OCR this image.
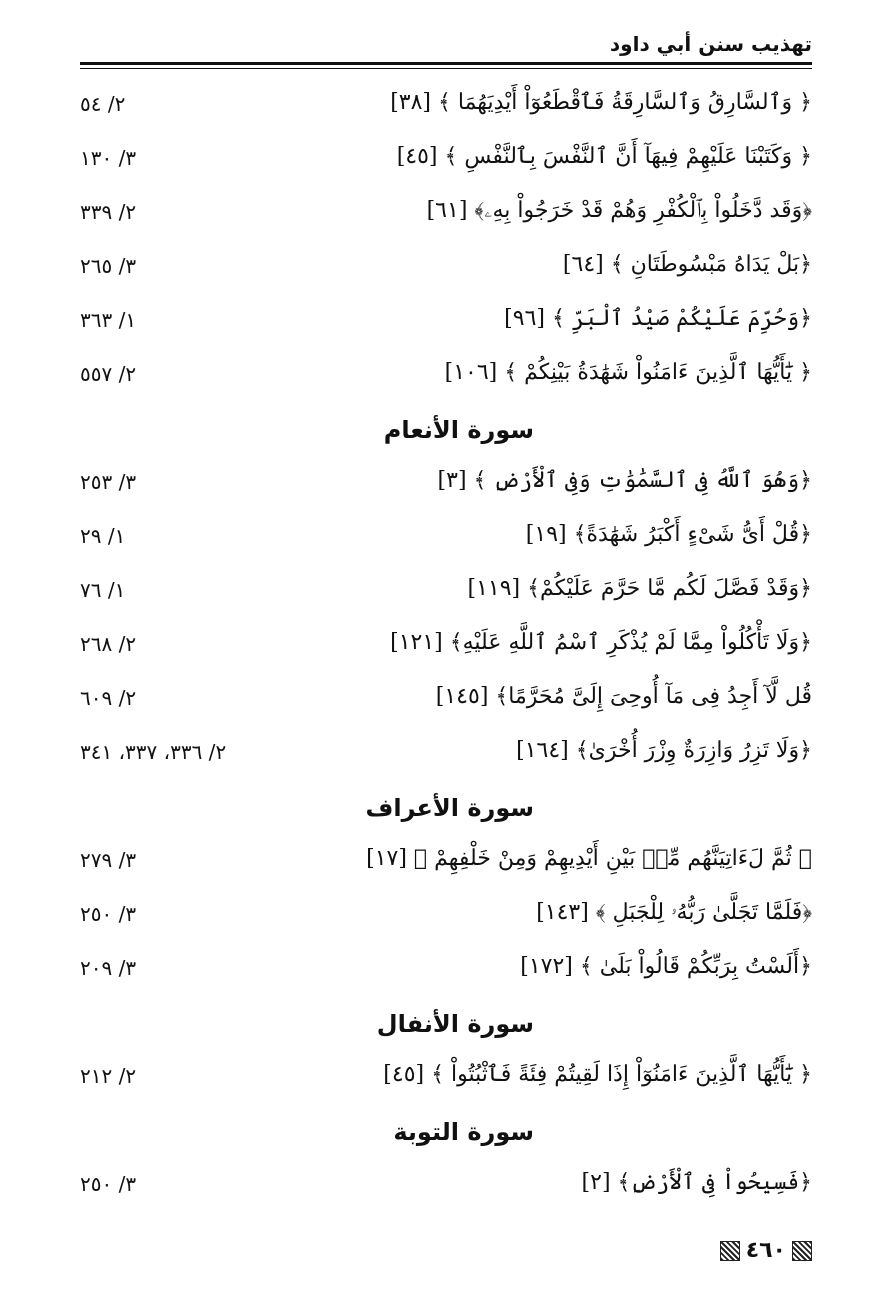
تهذيب سنن أبي داود
﴿ وَٱلسَّارِقُ وَٱلسَّارِقَةُ فَٱقْطَعُوٓاْ أَيْدِيَهُمَا ﴾ [٣٨]
٢/ ٥٤
﴿ وَكَتَبْنَا عَلَيْهِمْ فِيهَآ أَنَّ ٱلنَّفْسَ بِٱلنَّفْسِ ﴾ [٤٥]
٣/ ١٣٠
﴿وَقَد دَّخَلُواْ بِٱلْكُفْرِ وَهُمْ قَدْ خَرَجُواْ بِهِۦ﴾ [٦١]
٢/ ٣٣٩
﴿بَلْ يَدَاهُ مَبْسُوطَتَانِ ﴾ [٦٤]
٣/ ٢٦٥
﴿وَحُرِّمَ عَلَيْكُمْ صَيْدُ ٱلْبَرِّ ﴾ [٩٦]
١/ ٣٦٣
﴿ يَٰٓأَيُّهَا ٱلَّذِينَ ءَامَنُواْ شَهَٰدَةُ بَيْنِكُمْ ﴾ [١٠٦]
٢/ ٥٥٧
سورة الأنعام
﴿وَهُوَ ٱللَّهُ فِى ٱلسَّمَٰوَٰتِ وَفِى ٱلْأَرْضِ ﴾ [٣]
٣/ ٢٥٣
﴿قُلْ أَىُّ شَىْءٍ أَكْبَرُ شَهَٰدَةً﴾ [١٩]
١/ ٢٩
﴿وَقَدْ فَصَّلَ لَكُم مَّا حَرَّمَ عَلَيْكُمْ﴾ [١١٩]
١/ ٧٦
﴿وَلَا تَأْكُلُواْ مِمَّا لَمْ يُذْكَرِ ٱسْمُ ٱللَّهِ عَلَيْهِ﴾ [١٢١]
٢/ ٢٦٨
قُل لَّآ أَجِدُ فِى مَآ أُوحِىَ إِلَىَّ مُحَرَّمًا﴾ [١٤٥]
٢/ ٦٠٩
﴿وَلَا تَزِرُ وَازِرَةٌ وِزْرَ أُخْرَىٰ﴾ [١٦٤]
٢/ ٣٣٦، ٣٣٧، ٣٤١
سورة الأعراف
﴿ ثُمَّ لَءَاتِيَنَّهُم مِّنۢ بَيْنِ أَيْدِيهِمْ وَمِنْ خَلْفِهِمْ ﴾ [١٧]
٣/ ٢٧٩
﴿فَلَمَّا تَجَلَّىٰ رَبُّهُۥ لِلْجَبَلِ ﴾ [١٤٣]
٣/ ٢٥٠
﴿أَلَسْتُ بِرَبِّكُمْ قَالُواْ بَلَىٰ ﴾ [١٧٢]
٣/ ٢٠٩
سورة الأنفال
﴿ يَٰٓأَيُّهَا ٱلَّذِينَ ءَامَنُوٓاْ إِذَا لَقِيتُمْ فِئَةً فَٱثْبُتُواْ ﴾ [٤٥]
٢/ ٢١٢
سورة التوبة
﴿فَسِيحُواْ فِى ٱلْأَرْضِ﴾ [٢]
٣/ ٢٥٠
٤٦٠
